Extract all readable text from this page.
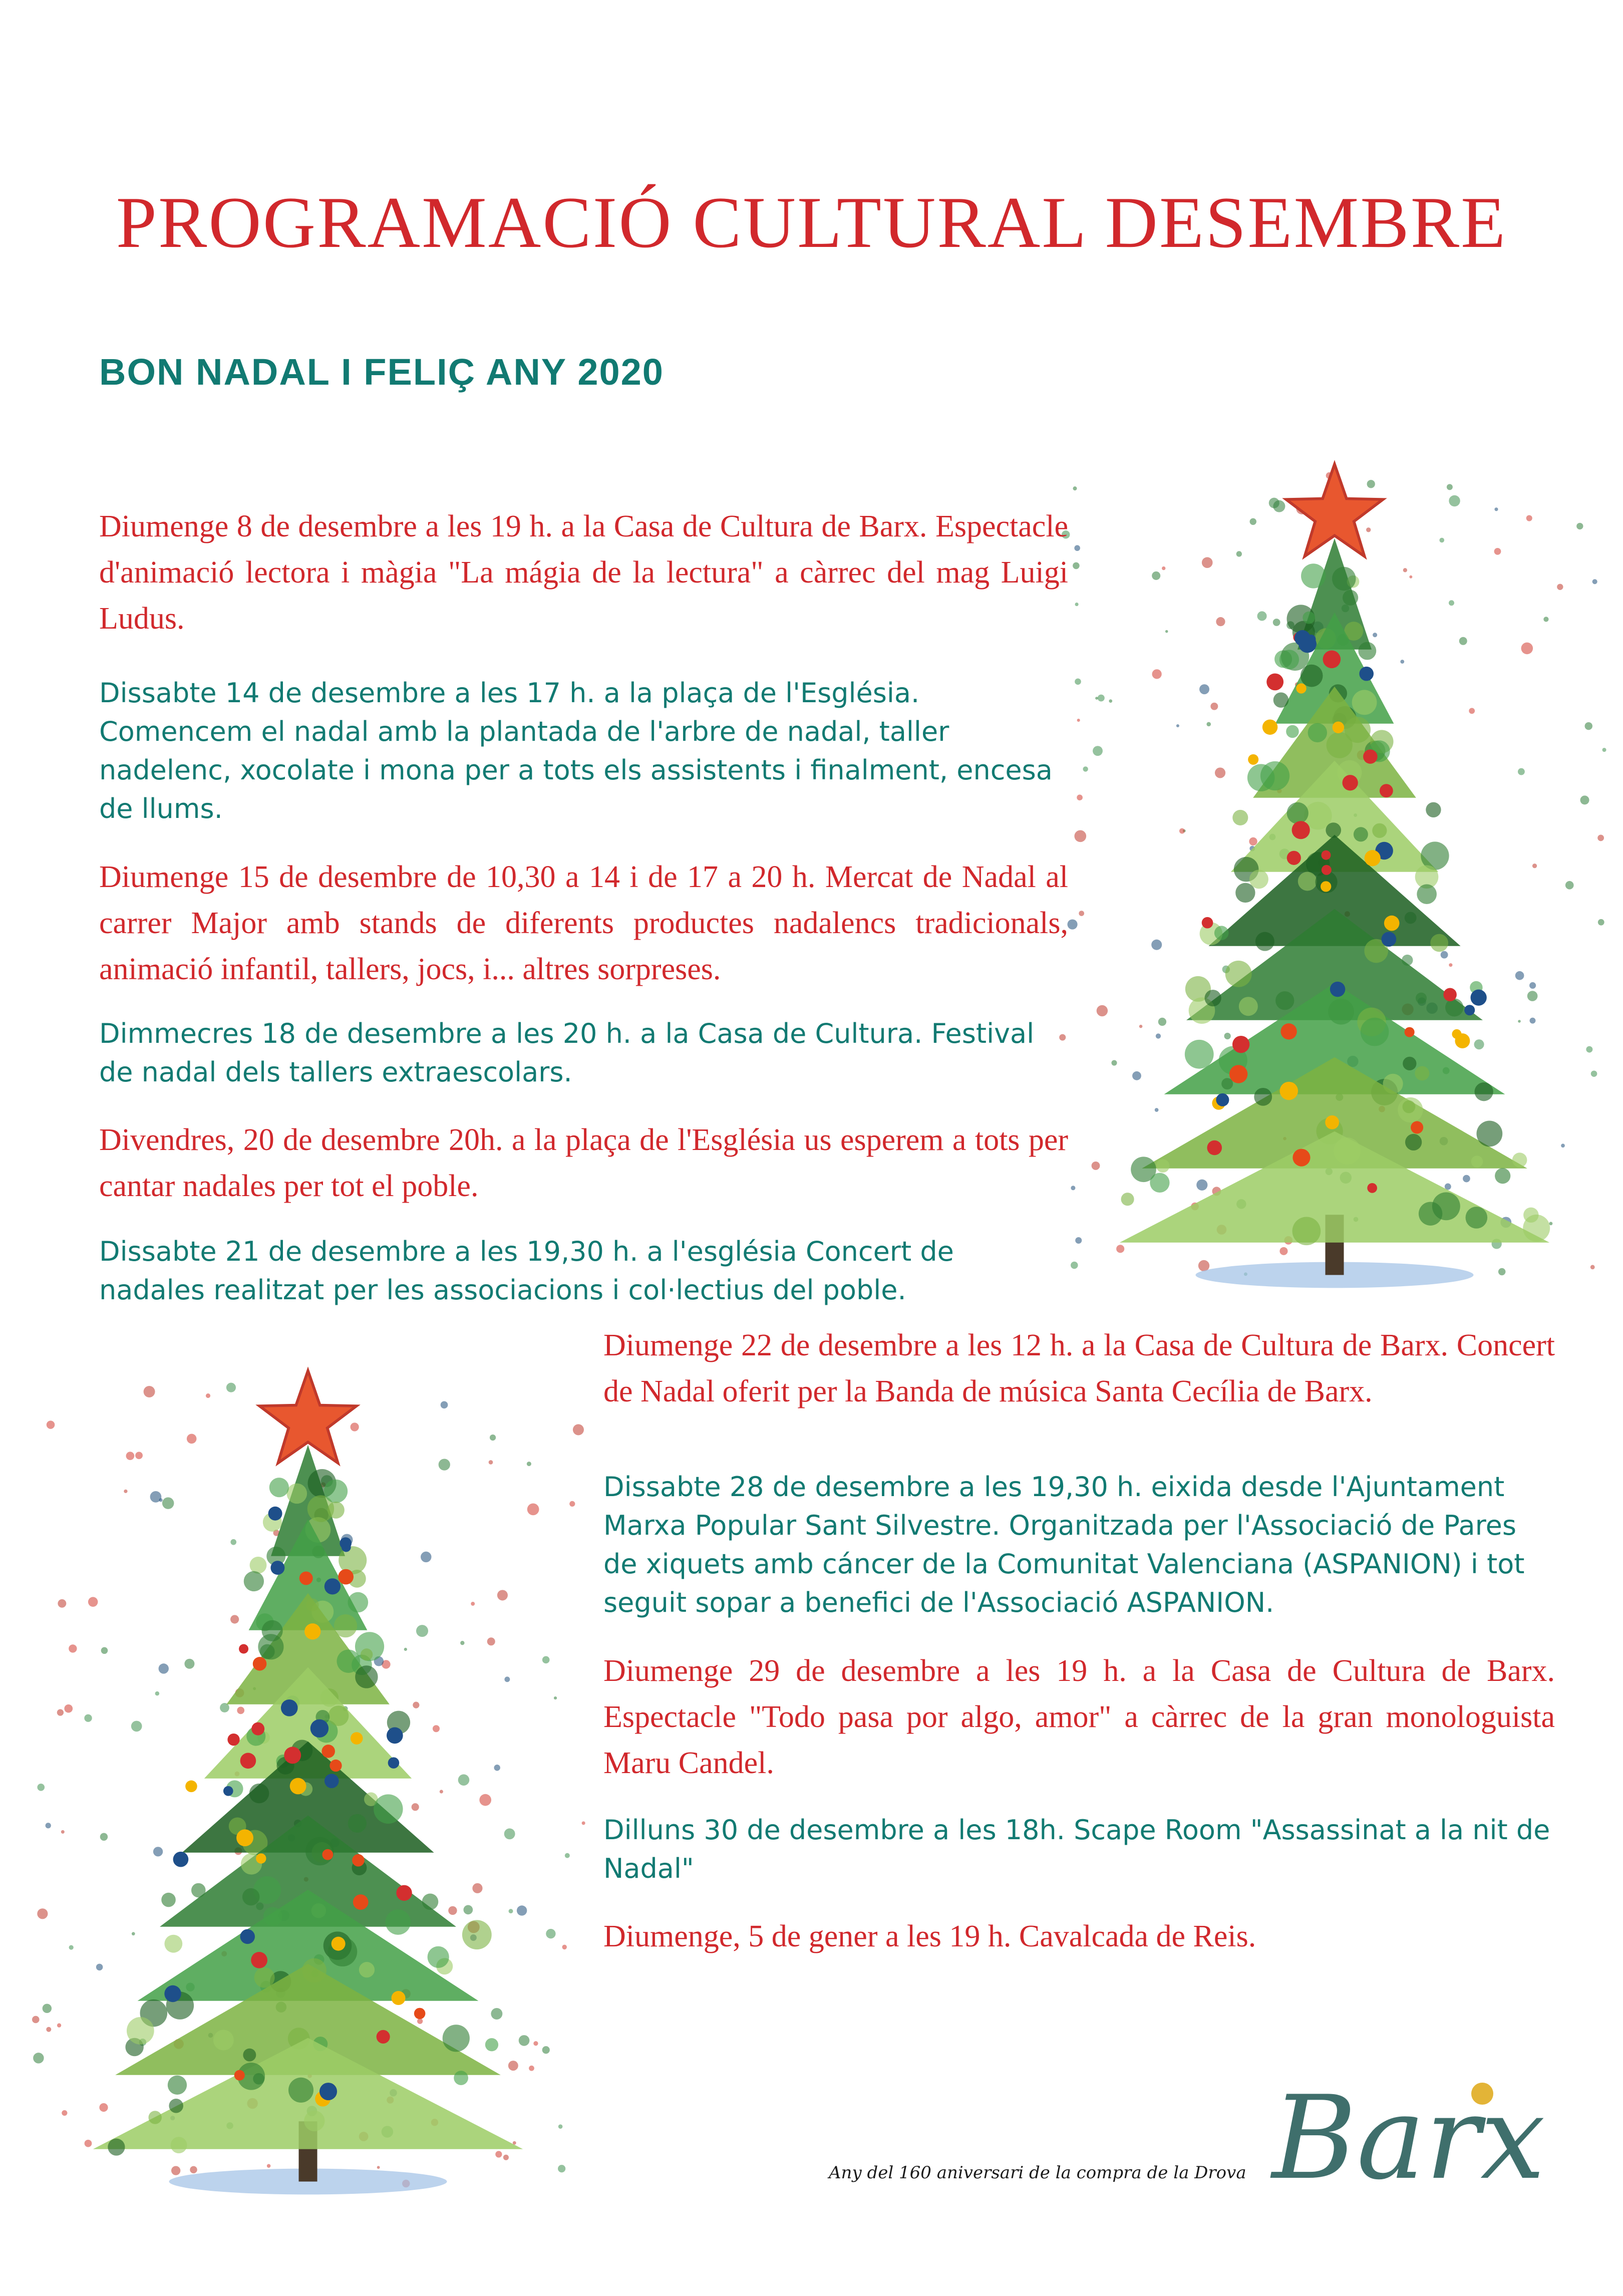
PROGRAMACIÓ CULTURAL DESEMBRE
BON NADAL I FELIÇ ANY 2020

Diumenge 8 de desembre a les 19 h. a la Casa de Cultura de Barx. Espectacle d'animació lectora i màgia "La mágia de la lectura" a càrrec del mag Luigi Ludus.

Dissabte 14 de desembre a les 17 h. a la plaça de l'Església. Comencem el nadal amb la plantada de l'arbre de nadal, taller nadelenc, xocolate i mona per a tots els assistents i finalment, encesa de llums.

Diumenge 15 de desembre de 10,30 a 14 i de 17 a 20 h. Mercat de Nadal al carrer Major amb stands de diferents productes nadalencs tradicionals, animació infantil, tallers, jocs, i... altres sorpreses.

Dimmecres 18 de desembre a les 20 h. a la Casa de Cultura. Festival de nadal dels tallers extraescolars.

Divendres, 20 de desembre 20h. a la plaça de l'Església us esperem a tots per cantar nadales per tot el poble.

Dissabte 21 de desembre a les 19,30 h. a l'església Concert de nadales realitzat per les associacions i col·lectius del poble.

Diumenge 22 de desembre a les 12 h. a la Casa de Cultura de Barx. Concert de Nadal oferit per la Banda de música Santa Cecília de Barx.

Dissabte 28 de desembre a les 19,30 h. eixida desde l'Ajuntament Marxa Popular Sant Silvestre. Organitzada per l'Associació de Pares de xiquets amb cáncer de la Comunitat Valenciana (ASPANION) i tot seguit sopar a benefici de l'Associació ASPANION.

Diumenge 29 de desembre a les 19 h. a la Casa de Cultura de Barx. Espectacle "Todo pasa por algo, amor" a càrrec de la gran monologuista Maru Candel.

Dilluns 30 de desembre a les 18h. Scape Room "Assassinat a la nit de Nadal"

Diumenge, 5 de gener a les 19 h. Cavalcada de Reis.

Any del 160 aniversari de la compra de la Drova Barx
